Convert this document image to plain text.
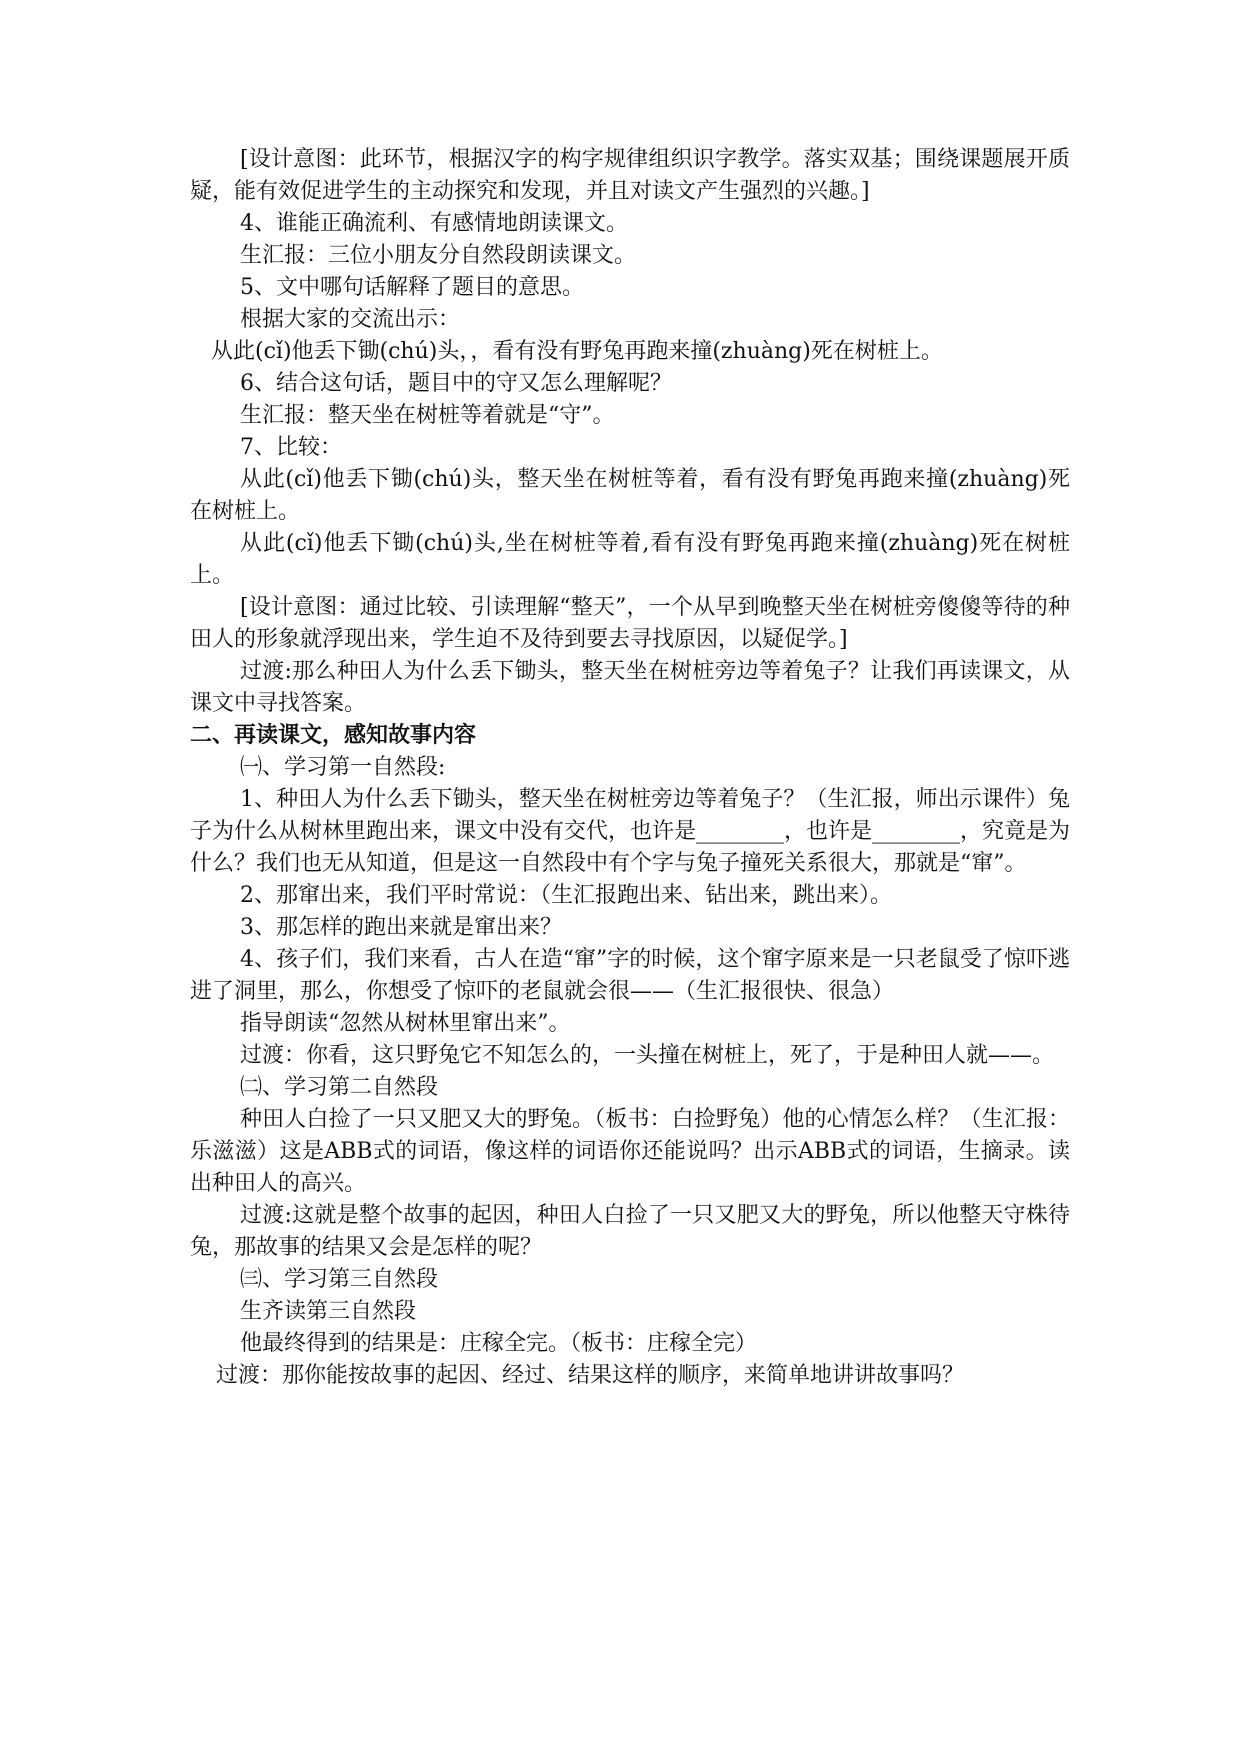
[设计意图：此环节，根据汉字的构字规律组织识字教学。落实双基；围绕课题展开质疑，能有效促进学生的主动探究和发现，并且对读文产生强烈的兴趣。]

4、谁能正确流利、有感情地朗读课文。

生汇报：三位小朋友分自然段朗读课文。

5、文中哪句话解释了题目的意思。

根据大家的交流出示：

从此(cǐ)他丢下锄(chú)头，，看有没有野兔再跑来撞(zhuàng)死在树桩上。

6、结合这句话，题目中的守又怎么理解呢？

生汇报：整天坐在树桩等着就是“守”。

7、比较：

从此(cǐ)他丢下锄(chú)头，整天坐在树桩等着，看有没有野兔再跑来撞(zhuàng)死在树桩上。

从此(cǐ)他丢下锄(chú)头,坐在树桩等着,看有没有野兔再跑来撞(zhuàng)死在树桩上。

[设计意图：通过比较、引读理解“整天”，一个从早到晚整天坐在树桩旁傻傻等待的种田人的形象就浮现出来，学生迫不及待到要去寻找原因，以疑促学。]

过渡:那么种田人为什么丢下锄头，整天坐在树桩旁边等着兔子？让我们再读课文，从课文中寻找答案。

二、再读课文，感知故事内容

㈠、学习第一自然段:

1、种田人为什么丢下锄头，整天坐在树桩旁边等着兔子？（生汇报，师出示课件）兔子为什么从树林里跑出来，课文中没有交代，也许是________，也许是________，究竟是为什么？我们也无从知道，但是这一自然段中有个字与兔子撞死关系很大，那就是“窜”。

2、那窜出来，我们平时常说：（生汇报跑出来、钻出来，跳出来）。

3、那怎样的跑出来就是窜出来？

4、孩子们，我们来看，古人在造“窜”字的时候，这个窜字原来是一只老鼠受了惊吓逃进了洞里，那么，你想受了惊吓的老鼠就会很——（生汇报很快、很急）

指导朗读“忽然从树林里窜出来”。

过渡：你看，这只野兔它不知怎么的，一头撞在树桩上，死了，于是种田人就——。

㈡、学习第二自然段

种田人白捡了一只又肥又大的野兔。（板书：白捡野兔）他的心情怎么样？（生汇报：乐滋滋）这是ABB式的词语，像这样的词语你还能说吗？出示ABB式的词语，生摘录。读出种田人的高兴。

过渡:这就是整个故事的起因，种田人白捡了一只又肥又大的野兔，所以他整天守株待兔，那故事的结果又会是怎样的呢？

㈢、学习第三自然段

生齐读第三自然段

他最终得到的结果是：庄稼全完。（板书：庄稼全完）

过渡：那你能按故事的起因、经过、结果这样的顺序，来简单地讲讲故事吗？
